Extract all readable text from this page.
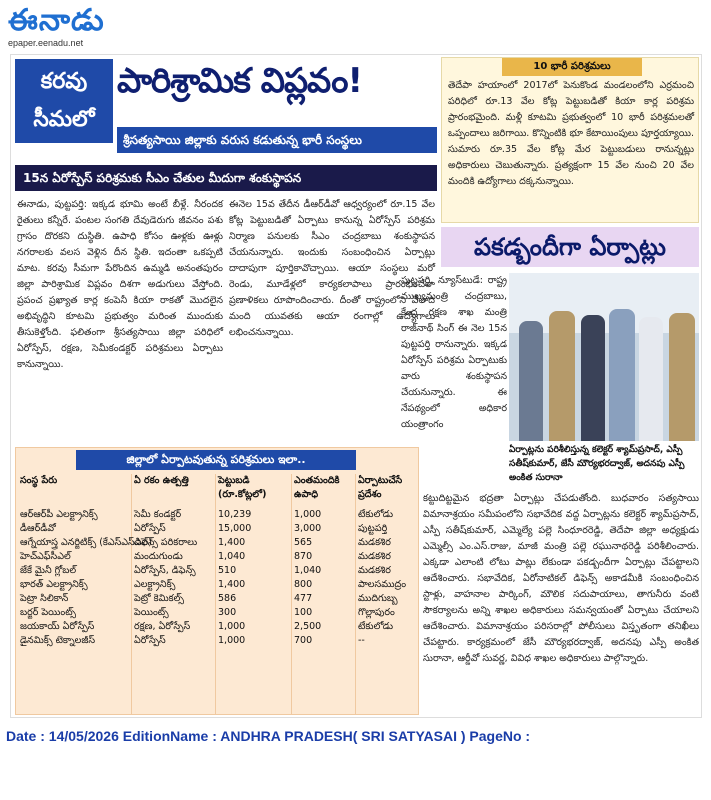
ఈనాడు
epaper.eenadu.net
కరవు సీమలో
పారిశ్రామిక విప్లవం!
శ్రీసత్యసాయి జిల్లాకు వరుస కడుతున్న భారీ సంస్థలు
15న ఏరోస్పేస్ పరిశ్రమకు సీఎం చేతుల మీదుగా శంకుస్థాపన
ఈనాడు, పుట్టపర్తి: ఇక్కడ భూమి అంటే బీళ్లే. నీరందక రైతులు కన్నీరే. పంటల సంగతి దేవుడెరుగు జీవనం పశు గ్రాసం దొరకని దుస్థితి. ఉపాధి కోసం ఊళ్లకు ఊళ్లు నగరాలకు వలస వెళ్లిన దీన స్థితి. ఇదంతా ఒకప్పటి మాట. కరవు సీమగా పేరొందిన ఉమ్మడి అనంతపురం జిల్లా పారిశ్రామిక విప్లవం దిశగా అడుగులు వేస్తోంది. ప్రపంచ ప్రఖ్యాత కార్ల కంపెనీ కియా రాకతో మొదలైన అభివృద్ధిని కూటమి ప్రభుత్వం మరింత ముందుకు తీసుకెళ్తోంది. ఫలితంగా శ్రీసత్యసాయి జిల్లా పరిధిలో ఏరోస్పేస్, రక్షణ, సెమీకండక్టర్ పరిశ్రమలు ఏర్పాటు కానున్నాయి.
ఈనెల 15వ తేదీన డీఆర్‌డీవో ఆధ్వర్యంలో రూ.15 వేల కోట్ల పెట్టుబడితో ఏర్పాటు కానున్న ఏరోస్పేస్ పరిశ్రమ నిర్మాణ పనులకు సీఎం చంద్రబాబు శంకుస్థాపన చేయనున్నారు. ఇందుకు సంబంధించిన ఏర్పాట్లు దాదాపుగా పూర్తికావొచ్చాయి. ఆయా సంస్థలు మరో రెండు, మూడేళ్లలో కార్యకలాపాలు ప్రారంభించేలా ప్రణాళికలు రూపొందించారు. దీంతో రాష్ట్రంలోని వేలాది మంది యువతకు ఆయా రంగాల్లో ఉద్యోగాలు లభించనున్నాయి.
10 భారీ పరిశ్రమలు
తెదేపా హయాంలో 2017లో పెనుకొండ మండలంలోని ఎర్రమంచి పరిధిలో రూ.13 వేల కోట్ల పెట్టుబడితో కియా కార్ల పరిశ్రమ ప్రారంభమైంది. మళ్లీ కూటమి ప్రభుత్వంలో 10 భారీ పరిశ్రమలతో ఒప్పందాలు జరిగాయి. కొన్నింటికి భూ కేటాయింపులు పూర్తయ్యాయి. సుమారు రూ.35 వేల కోట్ల మేర పెట్టుబడులు రానున్నట్లు అధికారులు చెబుతున్నారు. ప్రత్యక్షంగా 15 వేల నుంచి 20 వేల మందికి ఉద్యోగాలు దక్కనున్నాయి.
పకడ్బందీగా ఏర్పాట్లు
పుట్టపర్తి, న్యూస్‌టుడే: రాష్ట్ర ముఖ్యమంత్రి చంద్రబాబు, కేంద్ర రక్షణ శాఖ మంత్రి రాజ్‌నాథ్ సింగ్ ఈ నెల 15న పుట్టపర్తి రానున్నారు. ఇక్కడ ఏరోస్పేస్ పరిశ్రమ ఏర్పాటుకు వారు శంకుస్థాపన చేయనున్నారు. ఈ నేపథ్యంలో అధికార యంత్రాంగం
ఏర్పాట్లను పరిశీలిస్తున్న కలెక్టర్ శ్యామ్‌ప్రసాద్, ఎస్పీ సతీష్‌కుమార్, జేసీ మౌర్యభరద్వాజ్, అదనపు ఎస్పీ అంకిత సురానా
జిల్లాలో ఏర్పాటవుతున్న పరిశ్రమలు ఇలా..
సంస్థ పేరు
ఆర్‌ఆర్‌పీ ఎలక్ట్రానిక్స్
డీఆర్‌డీవో
ఆగ్నేయాస్త్ర ఎనర్జిటిక్స్ (కేఎస్ఎస్ఎల్)
హెచ్ఎఫ్‌సీఎల్
జేకే మైనీ గ్లోబల్
భారత్ ఎలక్ట్రానిక్స్
పెట్రా సిలికాన్
బర్జర్ పెయింట్స్
జయకాయ్ ఏరోస్పేస్
డైనమిక్స్ టెక్నాలజీస్
ఏ రకం ఉత్పత్తి
సెమీ కండక్టర్
ఏరోస్పేస్
డిఫెన్స్ పరికరాలు
మందుగుండు
ఏరోస్పేస్, డిఫెన్స్
ఎలక్ట్రానిక్స్
పెట్రో కెమికల్స్
పెయింట్స్
రక్షణ, ఏరోస్పేస్
ఏరోస్పేస్
పెట్టుబడి (రూ.కోట్లలో)
10,239
15,000
1,400
1,040
510
1,400
586
300
1,000
1,000
ఎంతమందికి ఉపాధి
1,000
3,000
565
870
1,040
800
477
100
2,500
700
ఏర్పాటుచేసే ప్రదేశం
టేకులోడు
పుట్టపర్తి
మడకశిర
మడకశిర
మడకశిర
పాలసముద్రం
ముదిగుబ్బ
గొల్లాపురం
టేకులోడు
--
కట్టుదిట్టమైన భద్రతా ఏర్పాట్లు చేపడుతోంది. బుధవారం సత్యసాయి విమానాశ్రయం సమీపంలోని సభావేదిక వద్ద ఏర్పాట్లను కలెక్టర్ శ్యామ్‌ప్రసాద్, ఎస్పీ సతీష్‌కుమార్, ఎమ్మెల్యే పల్లె సింధూరరెడ్డి, తెదేపా జిల్లా అధ్యక్షుడు ఎమ్మెల్సీ ఎం.ఎస్.రాజు, మాజీ మంత్రి పల్లె రఘునాథరెడ్డి పరిశీలించారు. ఎక్కడా ఎలాంటి లోటు పాట్లు లేకుండా పకడ్బందీగా ఏర్పాట్లు చేపట్టాలని ఆదేశించారు. సభావేదిక, ఏరోనాటికల్ డిఫెన్స్ అకాడమీకి సంబంధించిన స్టాళ్లు, వాహనాల పార్కింగ్, మౌలిక సదుపాయాలు, తాగునీరు వంటి సౌకర్యాలను అన్ని శాఖల అధికారులు సమన్వయంతో ఏర్పాటు చేయాలని ఆదేశించారు. విమానాశ్రయం పరిసరాల్లో పోలీసులు విస్తృతంగా తనిఖీలు చేపట్టారు. కార్యక్రమంలో జేసీ మౌర్యభరద్వాజ్, అదనపు ఎస్పీ అంకిత సురానా, ఆర్డీవో సువర్ణ, వివిధ శాఖల అధికారులు పాల్గొన్నారు.
Date : 14/05/2026 EditionName : ANDHRA PRADESH( SRI SATYASAI ) PageNo :
